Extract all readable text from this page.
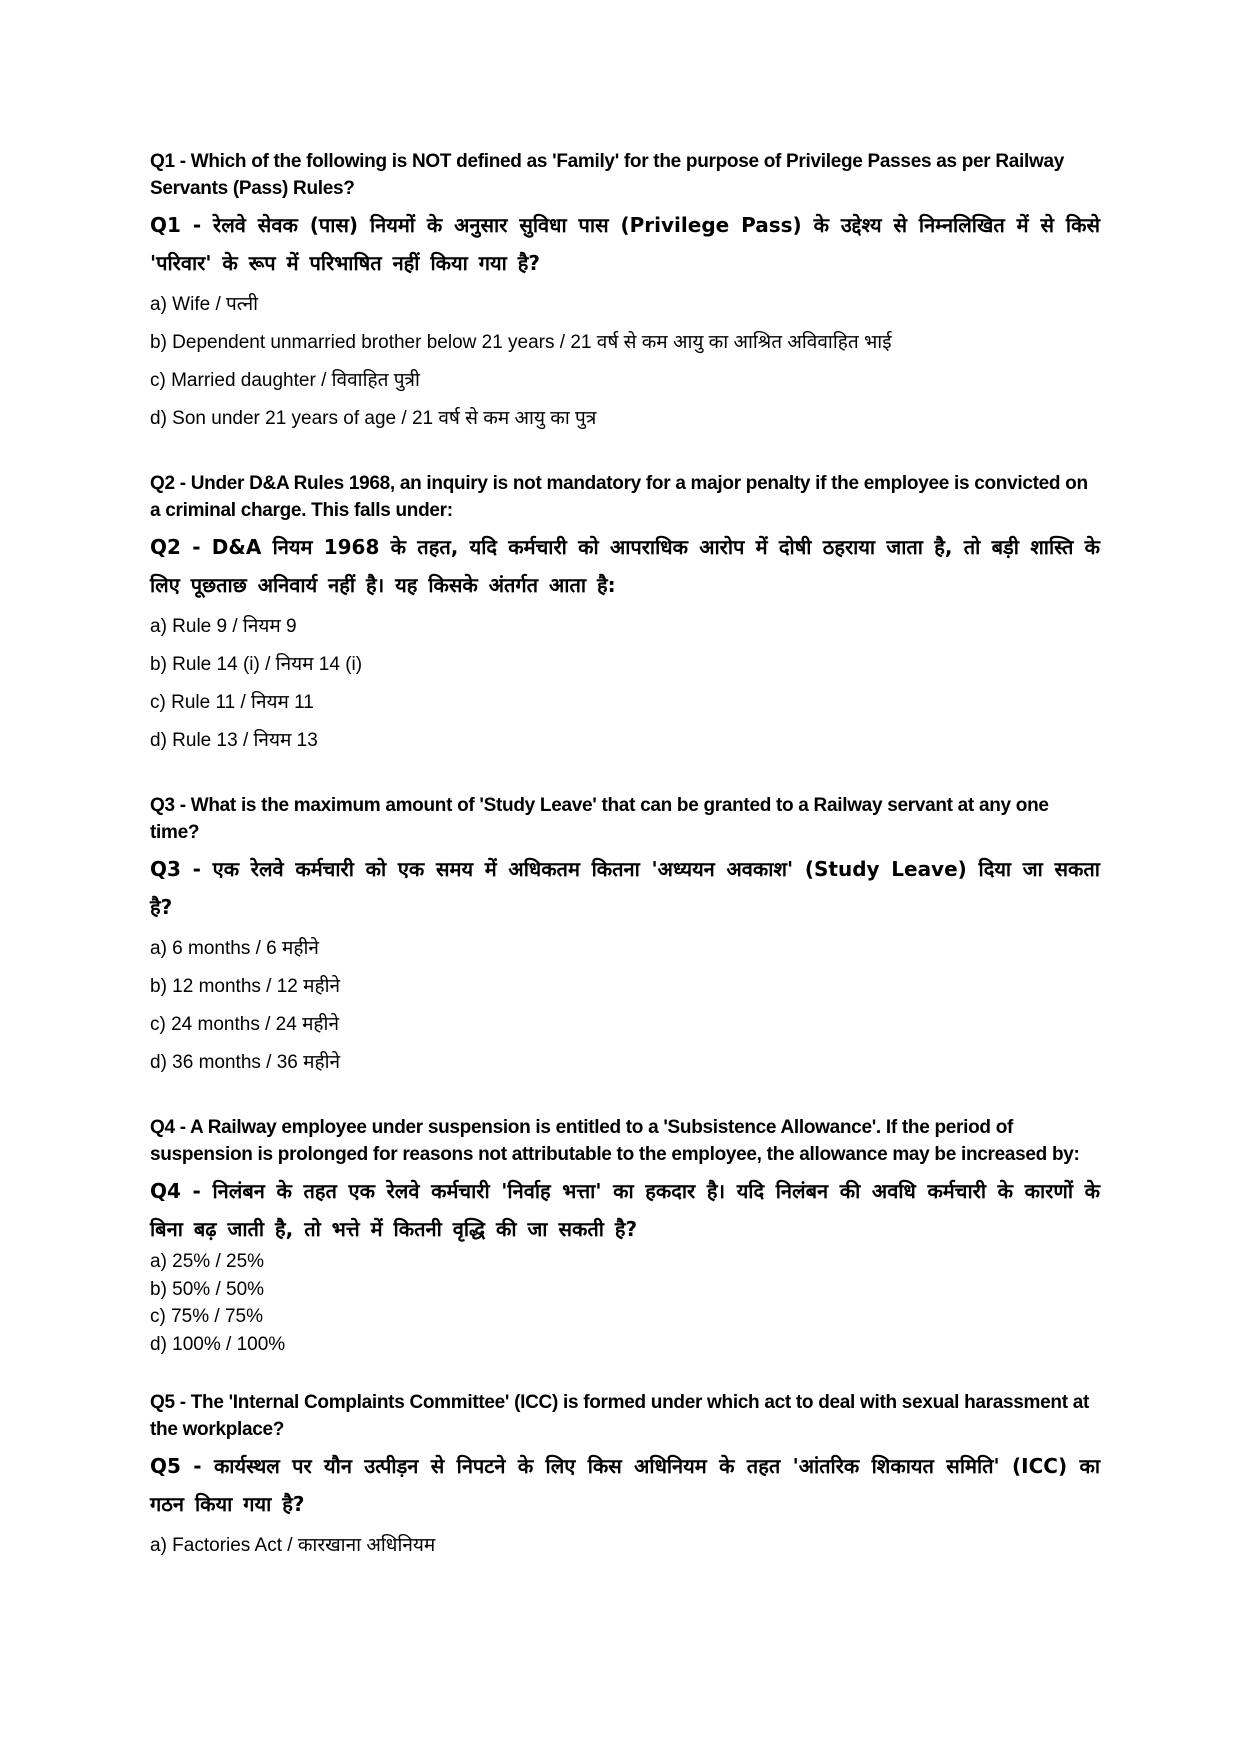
Q1 - Which of the following is NOT defined as 'Family' for the purpose of Privilege Passes as per Railway Servants (Pass) Rules?

Q1 - रेलवे सेवक (पास) नियमों के अनुसार सुविधा पास (Privilege Pass) के उद्देश्य से निम्नलिखित में से किसे 'परिवार' के रूप में परिभाषित नहीं किया गया है?

a) Wife / पत्नी
b) Dependent unmarried brother below 21 years / 21 वर्ष से कम आयु का आश्रित अविवाहित भाई
c) Married daughter / विवाहित पुत्री
d) Son under 21 years of age / 21 वर्ष से कम आयु का पुत्र

Q2 - Under D&A Rules 1968, an inquiry is not mandatory for a major penalty if the employee is convicted on a criminal charge. This falls under:

Q2 - D&A नियम 1968 के तहत, यदि कर्मचारी को आपराधिक आरोप में दोषी ठहराया जाता है, तो बड़ी शास्ति के लिए पूछताछ अनिवार्य नहीं है। यह किसके अंतर्गत आता है:

a) Rule 9 / नियम 9
b) Rule 14 (i) / नियम 14 (i)
c) Rule 11 / नियम 11
d) Rule 13 / नियम 13

Q3 - What is the maximum amount of 'Study Leave' that can be granted to a Railway servant at any one time?

Q3 - एक रेलवे कर्मचारी को एक समय में अधिकतम कितना 'अध्ययन अवकाश' (Study Leave) दिया जा सकता है?

a) 6 months / 6 महीने
b) 12 months / 12 महीने
c) 24 months / 24 महीने
d) 36 months / 36 महीने

Q4 - A Railway employee under suspension is entitled to a 'Subsistence Allowance'. If the period of suspension is prolonged for reasons not attributable to the employee, the allowance may be increased by:

Q4 - निलंबन के तहत एक रेलवे कर्मचारी 'निर्वाह भत्ता' का हकदार है। यदि निलंबन की अवधि कर्मचारी के कारणों के बिना बढ़ जाती है, तो भत्ते में कितनी वृद्धि की जा सकती है?

a) 25% / 25%
b) 50% / 50%
c) 75% / 75%
d) 100% / 100%

Q5 - The 'Internal Complaints Committee' (ICC) is formed under which act to deal with sexual harassment at the workplace?

Q5 - कार्यस्थल पर यौन उत्पीड़न से निपटने के लिए किस अधिनियम के तहत 'आंतरिक शिकायत समिति' (ICC) का गठन किया गया है?

a) Factories Act / कारखाना अधिनियम
